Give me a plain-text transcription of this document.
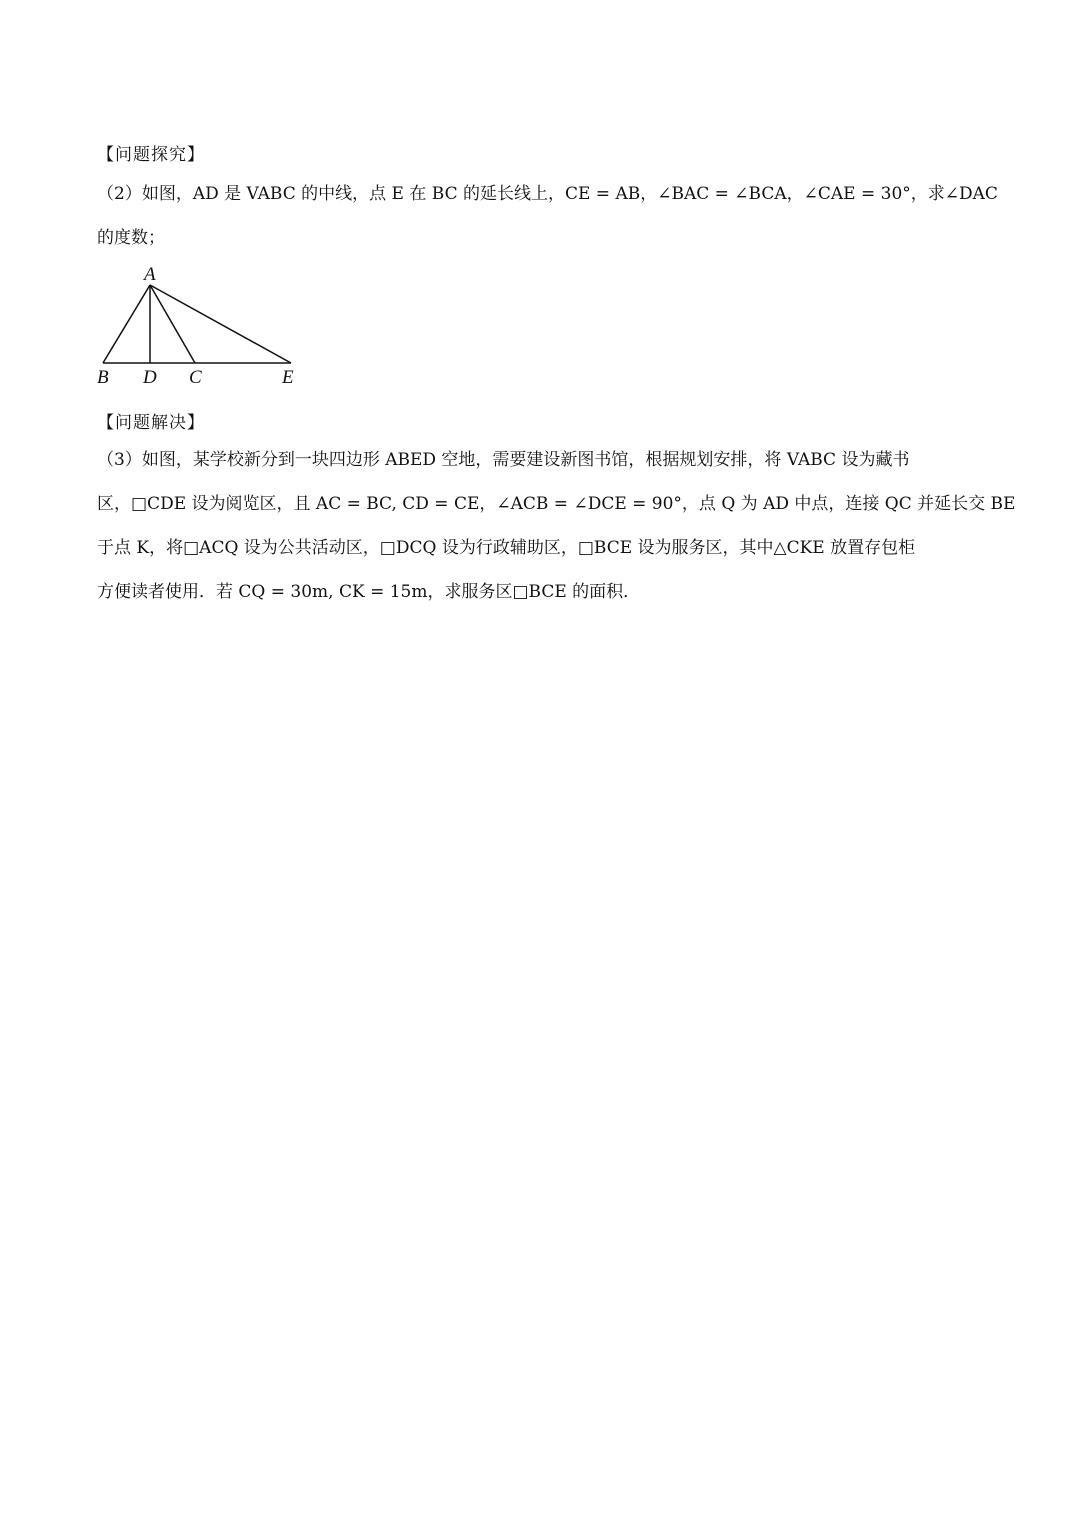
【问题探究】
（2）如图，AD 是 VABC 的中线，点 E 在 BC 的延长线上，CE = AB，∠BAC = ∠BCA，∠CAE = 30°，求∠DAC
的度数；
A
B D C	E
【问题解决】
（3）如图，某学校新分到一块四边形 ABED 空地，需要建设新图书馆，根据规划安排，将 VABC 设为藏书
区，□CDE 设为阅览区，且 AC = BC, CD = CE，∠ACB = ∠DCE = 90°，点 Q 为 AD 中点，连接 QC 并延长交 BE
于点 K，将□ACQ 设为公共活动区，□DCQ 设为行政辅助区，□BCE 设为服务区，其中△CKE 放置存包柜
方便读者使用．若 CQ = 30m, CK = 15m，求服务区□BCE 的面积．
